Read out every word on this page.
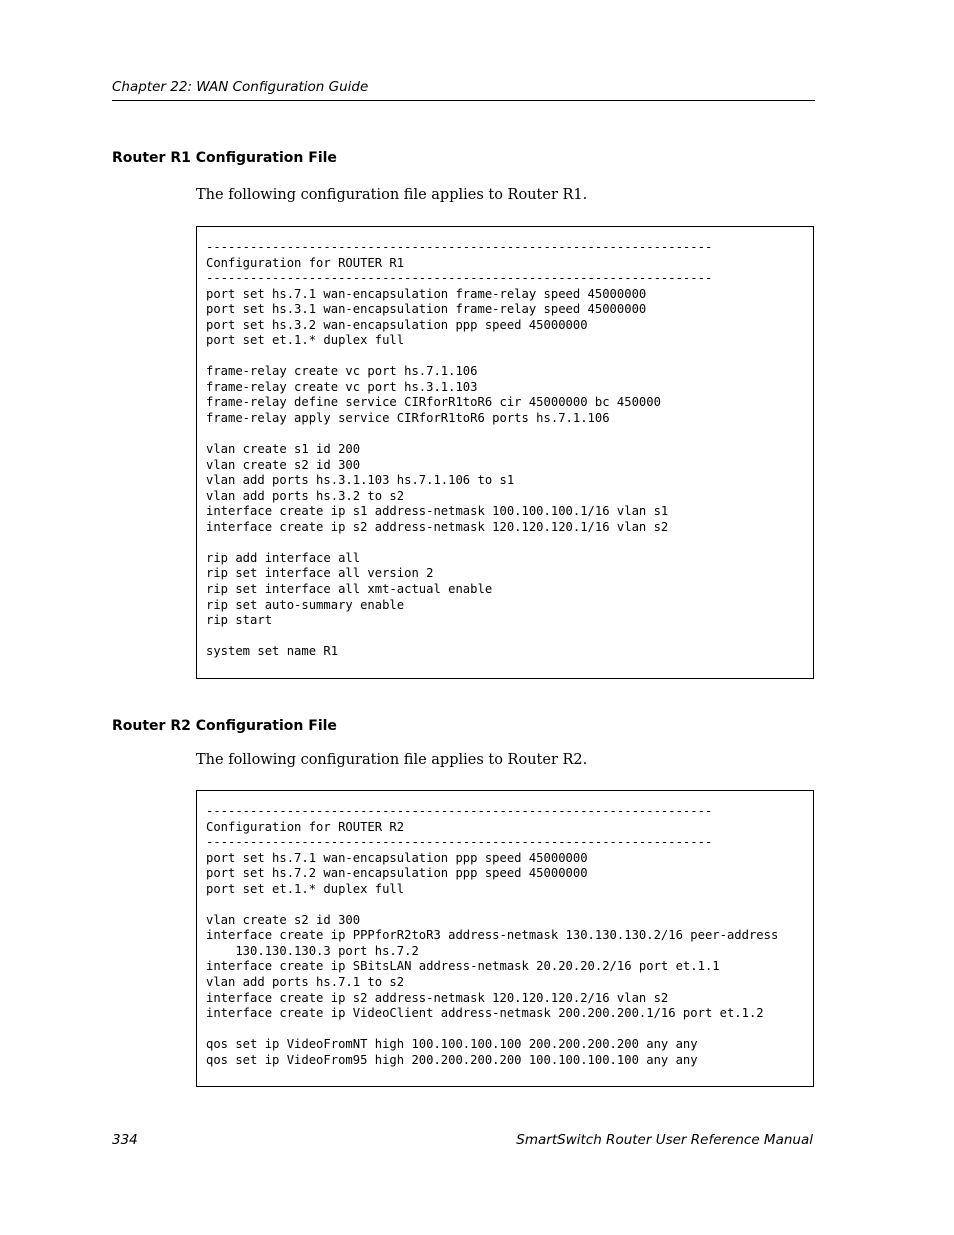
Chapter 22: WAN Configuration Guide
Router R1 Configuration File
The following configuration file applies to Router R1.
---------------------------------------------------------------------
Configuration for ROUTER R1
---------------------------------------------------------------------
port set hs.7.1 wan-encapsulation frame-relay speed 45000000
port set hs.3.1 wan-encapsulation frame-relay speed 45000000
port set hs.3.2 wan-encapsulation ppp speed 45000000
port set et.1.* duplex full

frame-relay create vc port hs.7.1.106
frame-relay create vc port hs.3.1.103
frame-relay define service CIRforR1toR6 cir 45000000 bc 450000
frame-relay apply service CIRforR1toR6 ports hs.7.1.106

vlan create s1 id 200
vlan create s2 id 300
vlan add ports hs.3.1.103 hs.7.1.106 to s1
vlan add ports hs.3.2 to s2
interface create ip s1 address-netmask 100.100.100.1/16 vlan s1
interface create ip s2 address-netmask 120.120.120.1/16 vlan s2

rip add interface all
rip set interface all version 2
rip set interface all xmt-actual enable
rip set auto-summary enable
rip start

system set name R1
Router R2 Configuration File
The following configuration file applies to Router R2.
---------------------------------------------------------------------
Configuration for ROUTER R2
---------------------------------------------------------------------
port set hs.7.1 wan-encapsulation ppp speed 45000000
port set hs.7.2 wan-encapsulation ppp speed 45000000
port set et.1.* duplex full

vlan create s2 id 300
interface create ip PPPforR2toR3 address-netmask 130.130.130.2/16 peer-address
130.130.130.3 port hs.7.2
interface create ip SBitsLAN address-netmask 20.20.20.2/16 port et.1.1
vlan add ports hs.7.1 to s2
interface create ip s2 address-netmask 120.120.120.2/16 vlan s2
interface create ip VideoClient address-netmask 200.200.200.1/16 port et.1.2

qos set ip VideoFromNT high 100.100.100.100 200.200.200.200 any any
qos set ip VideoFrom95 high 200.200.200.200 100.100.100.100 any any
334	SmartSwitch Router User Reference Manual
